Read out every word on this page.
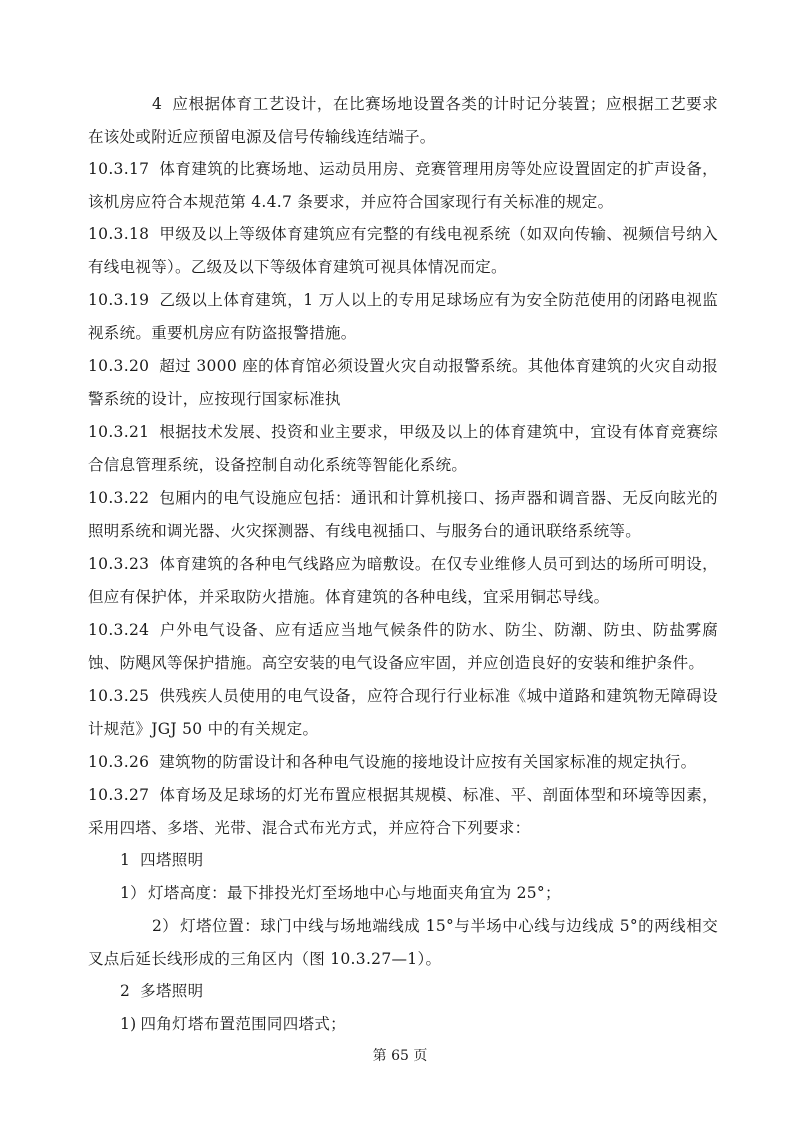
4 应根据体育工艺设计，在比赛场地设置各类的计时记分装置；应根据工艺要求在该处或附近应预留电源及信号传输线连结端子。

10.3.17 体育建筑的比赛场地、运动员用房、竞赛管理用房等处应设置固定的扩声设备，该机房应符合本规范第 4.4.7 条要求，并应符合国家现行有关标准的规定。

10.3.18 甲级及以上等级体育建筑应有完整的有线电视系统（如双向传输、视频信号纳入有线电视等）。乙级及以下等级体育建筑可视具体情况而定。

10.3.19 乙级以上体育建筑，1 万人以上的专用足球场应有为安全防范使用的闭路电视监视系统。重要机房应有防盗报警措施。

10.3.20 超过 3000 座的体育馆必须设置火灾自动报警系统。其他体育建筑的火灾自动报警系统的设计，应按现行国家标准执

10.3.21 根据技术发展、投资和业主要求，甲级及以上的体育建筑中，宜设有体育竞赛综合信息管理系统，设备控制自动化系统等智能化系统。

10.3.22 包厢内的电气设施应包括：通讯和计算机接口、扬声器和调音器、无反向眩光的照明系统和调光器、火灾探测器、有线电视插口、与服务台的通讯联络系统等。

10.3.23 体育建筑的各种电气线路应为暗敷设。在仅专业维修人员可到达的场所可明设，但应有保护体，并采取防火措施。体育建筑的各种电线，宜采用铜芯导线。

10.3.24 户外电气设备、应有适应当地气候条件的防水、防尘、防潮、防虫、防盐雾腐蚀、防飓风等保护措施。高空安装的电气设备应牢固，并应创造良好的安装和维护条件。

10.3.25 供残疾人员使用的电气设备，应符合现行行业标准《城中道路和建筑物无障碍设计规范》JGJ 50 中的有关规定。

10.3.26 建筑物的防雷设计和各种电气设施的接地设计应按有关国家标准的规定执行。

10.3.27 体育场及足球场的灯光布置应根据其规模、标准、平、剖面体型和环境等因素，采用四塔、多塔、光带、混合式布光方式，并应符合下列要求：

1 四塔照明

1） 灯塔高度：最下排投光灯至场地中心与地面夹角宜为 25°；

2） 灯塔位置：球门中线与场地端线成 15°与半场中心线与边线成 5°的两线相交叉点后延长线形成的三角区内（图 10.3.27—1）。

2 多塔照明

1) 四角灯塔布置范围同四塔式；

第 65 页
